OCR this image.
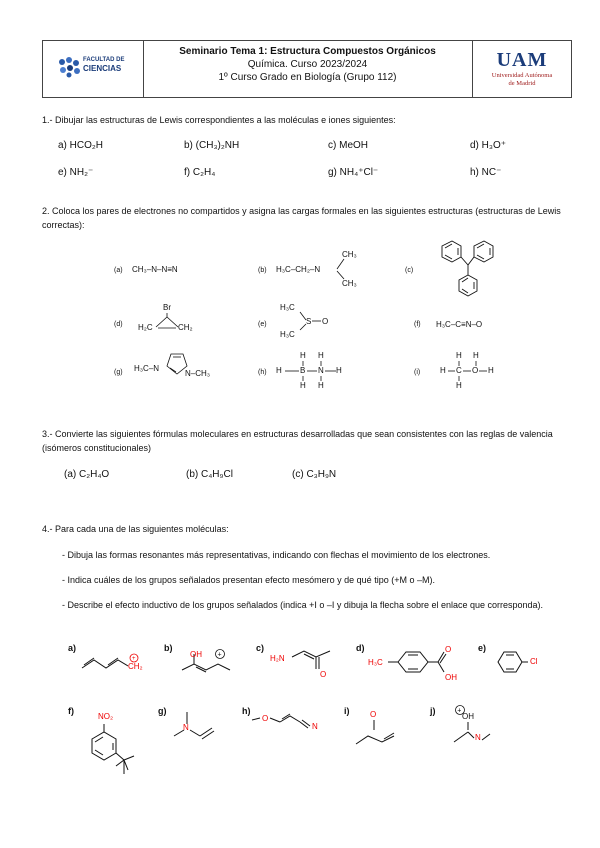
FACULTAD DE
CIENCIAS
Seminario Tema 1: Estructura Compuestos Orgánicos
Química. Curso 2023/2024
1º Curso Grado en Biología (Grupo 112)
UAM
Universidad Autónoma
de Madrid
1.- Dibujar las estructuras de Lewis correspondientes a las moléculas e iones siguientes:
a) HCO₂H	b) (CH₃)₂NH	c) MeOH	d) H₃O⁺
e) NH₂⁻	f) C₂H₄	g) NH₄⁺Cl⁻	h) NC⁻
2. Coloca los pares de electrones no compartidos y asigna las cargas formales en las siguientes estructuras (estructuras de Lewis correctas):
(a) CH₃–N–N≡N	(b) H₃C–CH₂–N
CH₃
CH₃
(c)
(d)
Br
H₂C	CH₂	(e)
H₃C
H₃C
S O	(f) H₃C–C≡N–O
(g) H₃C–N
N–CH₃	(h) H B N H
H
H
H
H
(i) H C O H
H
H
H
3.- Convierte las siguientes fórmulas moleculares en estructuras desarrolladas que sean consistentes con las reglas de valencia (isómeros constitucionales)
(a) C₂H₄O	(b) C₄H₉Cl	(c) C₃H₉N
4.- Para cada una de las siguientes moléculas:
- Dibuja las formas resonantes más representativas, indicando con flechas el movimiento de los electrones.
- Indica cuáles de los grupos señalados presentan efecto mesómero y de qué tipo (+M o –M).
- Describe el efecto inductivo de los grupos señalados (indica +I o –I y dibuja la flecha sobre el enlace que corresponda).
a)
+
CH₂
b)
+
OH
c)
H₂N
O
d)
H₃C
O
OH
e)
Cl
f)
NO₂
g)
N
h)
O
N
i)	O	j)	+
OH
N
